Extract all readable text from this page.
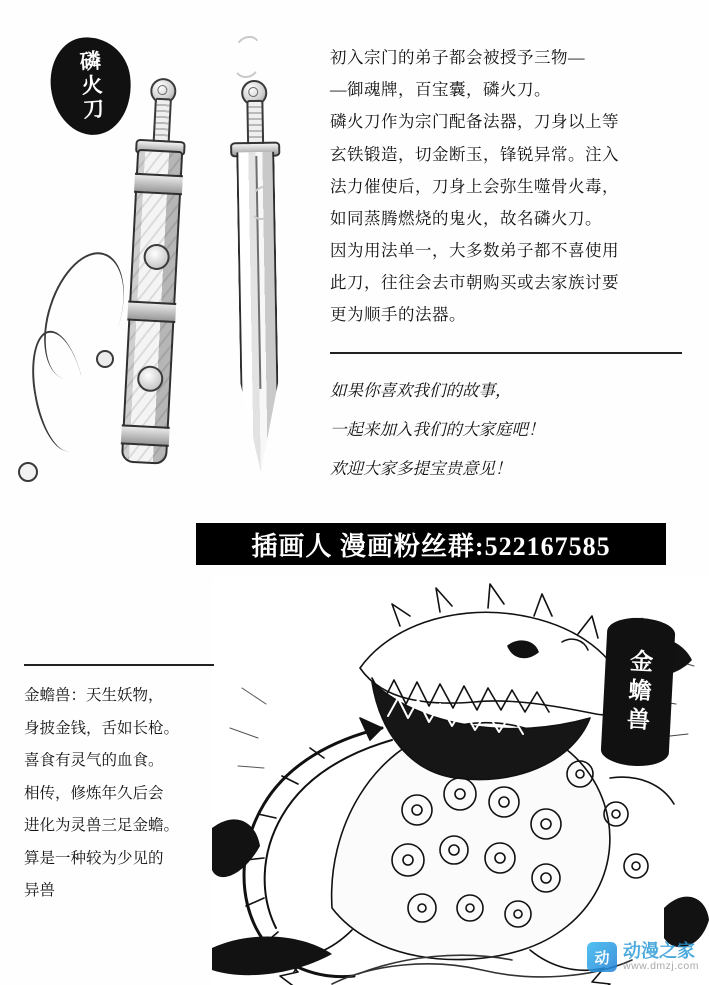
磷火刀	初入宗门的弟子都会被授予三物—
—御魂牌，百宝囊，磷火刀。
磷火刀作为宗门配备法器，刀身以上等
玄铁锻造，切金断玉，锋锐异常。注入
法力催使后，刀身上会弥生噬骨火毒，
如同蒸腾燃烧的鬼火，故名磷火刀。
因为用法单一，大多数弟子都不喜使用
此刀，往往会去市朝购买或去家族讨要
更为顺手的法器。
如果你喜欢我们的故事，
一起来加入我们的大家庭吧！
欢迎大家多提宝贵意见！
插画人 漫画粉丝群:522167585
金蟾兽
金蟾兽：天生妖物，
身披金钱，舌如长枪。
喜食有灵气的血食。
相传，修炼年久后会
进化为灵兽三足金蟾。
算是一种较为少见的
异兽
动 动漫之家
www.dmzj.com
